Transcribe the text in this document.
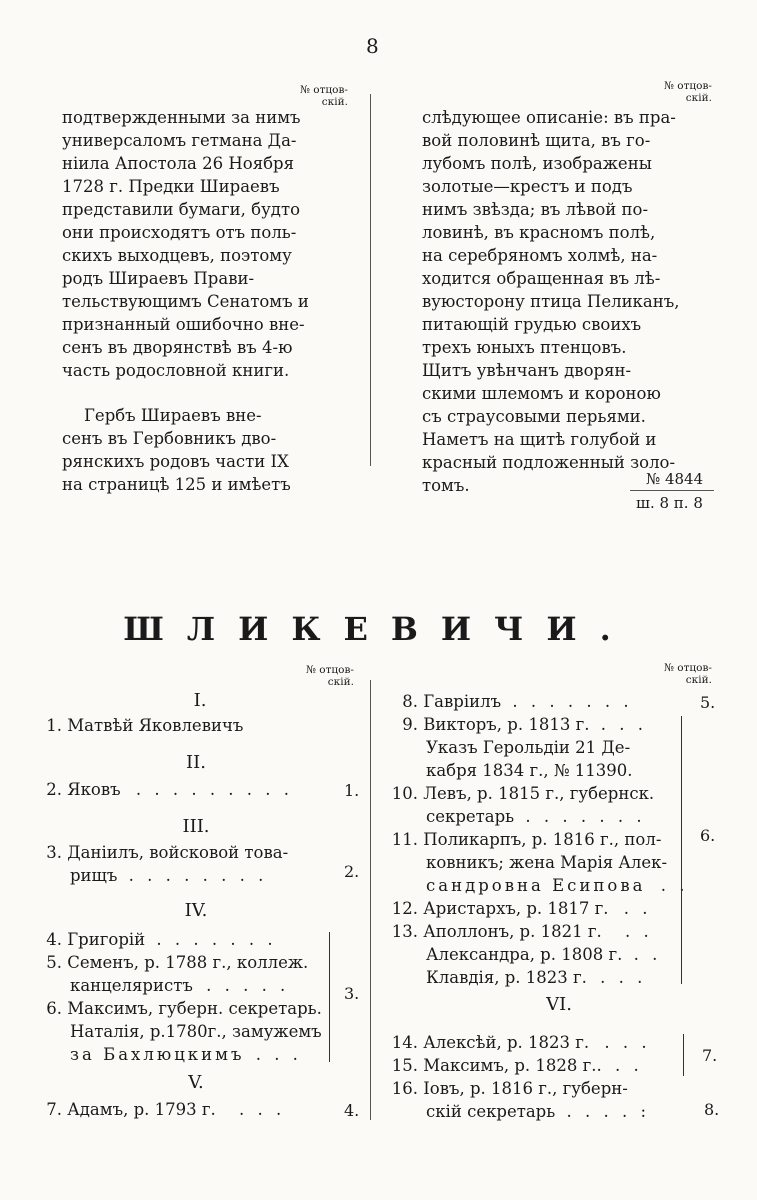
8
№ отцов-
скій.
№ отцов-
скій.

подтвержденными за нимъ

универсаломъ гетмана Да-

ніила Апостола 26 Ноября

1728 г. Предки Шираевъ

представили бумаги, будто

они происходятъ отъ поль-

скихъ выходцевъ, поэтому

родъ Шираевъ Прави-

тельствующимъ Сенатомъ и

признанный ошибочно вне-

сенъ въ дворянствѣ въ 4-ю

часть родословной книги.

Гербъ Шираевъ вне-

сенъ въ Гербовникъ дво-

рянскихъ родовъ части IX

на страницѣ 125 и имѣетъ

слѣдующее описаніе: въ пра-

вой половинѣ щита, въ го-

лубомъ полѣ, изображены

золотые—крестъ и подъ

нимъ звѣзда; въ лѣвой по-

ловинѣ, въ красномъ полѣ,

на серебряномъ холмѣ, на-

ходится обращенная въ лѣ-

вуюсторону птица Пеликанъ,

питающій грудью своихъ

трехъ юныхъ птенцовъ.

Щитъ увѣнчанъ дворян-

скими шлемомъ и короною

съ страусовыми перьями.

Наметъ на щитѣ голубой и

красный подложенный золо-

томъ.	№ 4844
ш. 8 п. 8
ШЛИКЕВИЧИ.
№ отцов-
скій.
№ отцов-
скій.
I.
1. Матвѣй Яковлевичъ
II.
2. Яковъ . . . . . . . . .	1.
III.
3. Даніилъ, войсковой това-
рищъ . . . . . . . .	2.
IV.
4. Григорій . . . . . . .
5. Семенъ, р. 1788 г., коллеж.
канцеляристъ . . . . .
6. Максимъ, губерн. секретарь.
Наталія, р.1780г., замужемъ
за Бахлюцкимъ . . .
3.
V.
7. Адамъ, р. 1793 г. . . .	4.
8. Гавріилъ . . . . . . .	5.
9. Викторъ, р. 1813 г. . . .
Указъ Герольдіи 21 Де-
кабря 1834 г., № 11390.
10. Левъ, р. 1815 г., губернск.
секретарь . . . . . . .
11. Поликарпъ, р. 1816 г., пол-
ковникъ; жена Марія Алек-
сандровна Есипова . .
12. Аристархъ, р. 1817 г. . .
13. Аполлонъ, р. 1821 г. . .
Александра, р. 1808 г. . .
Клавдія, р. 1823 г. . . .
6.
VI.
14. Алексѣй, р. 1823 г. . . .
15. Максимъ, р. 1828 г.. . .
7.
16. Іовъ, р. 1816 г., губерн-
скій секретарь . . . . :	8.
